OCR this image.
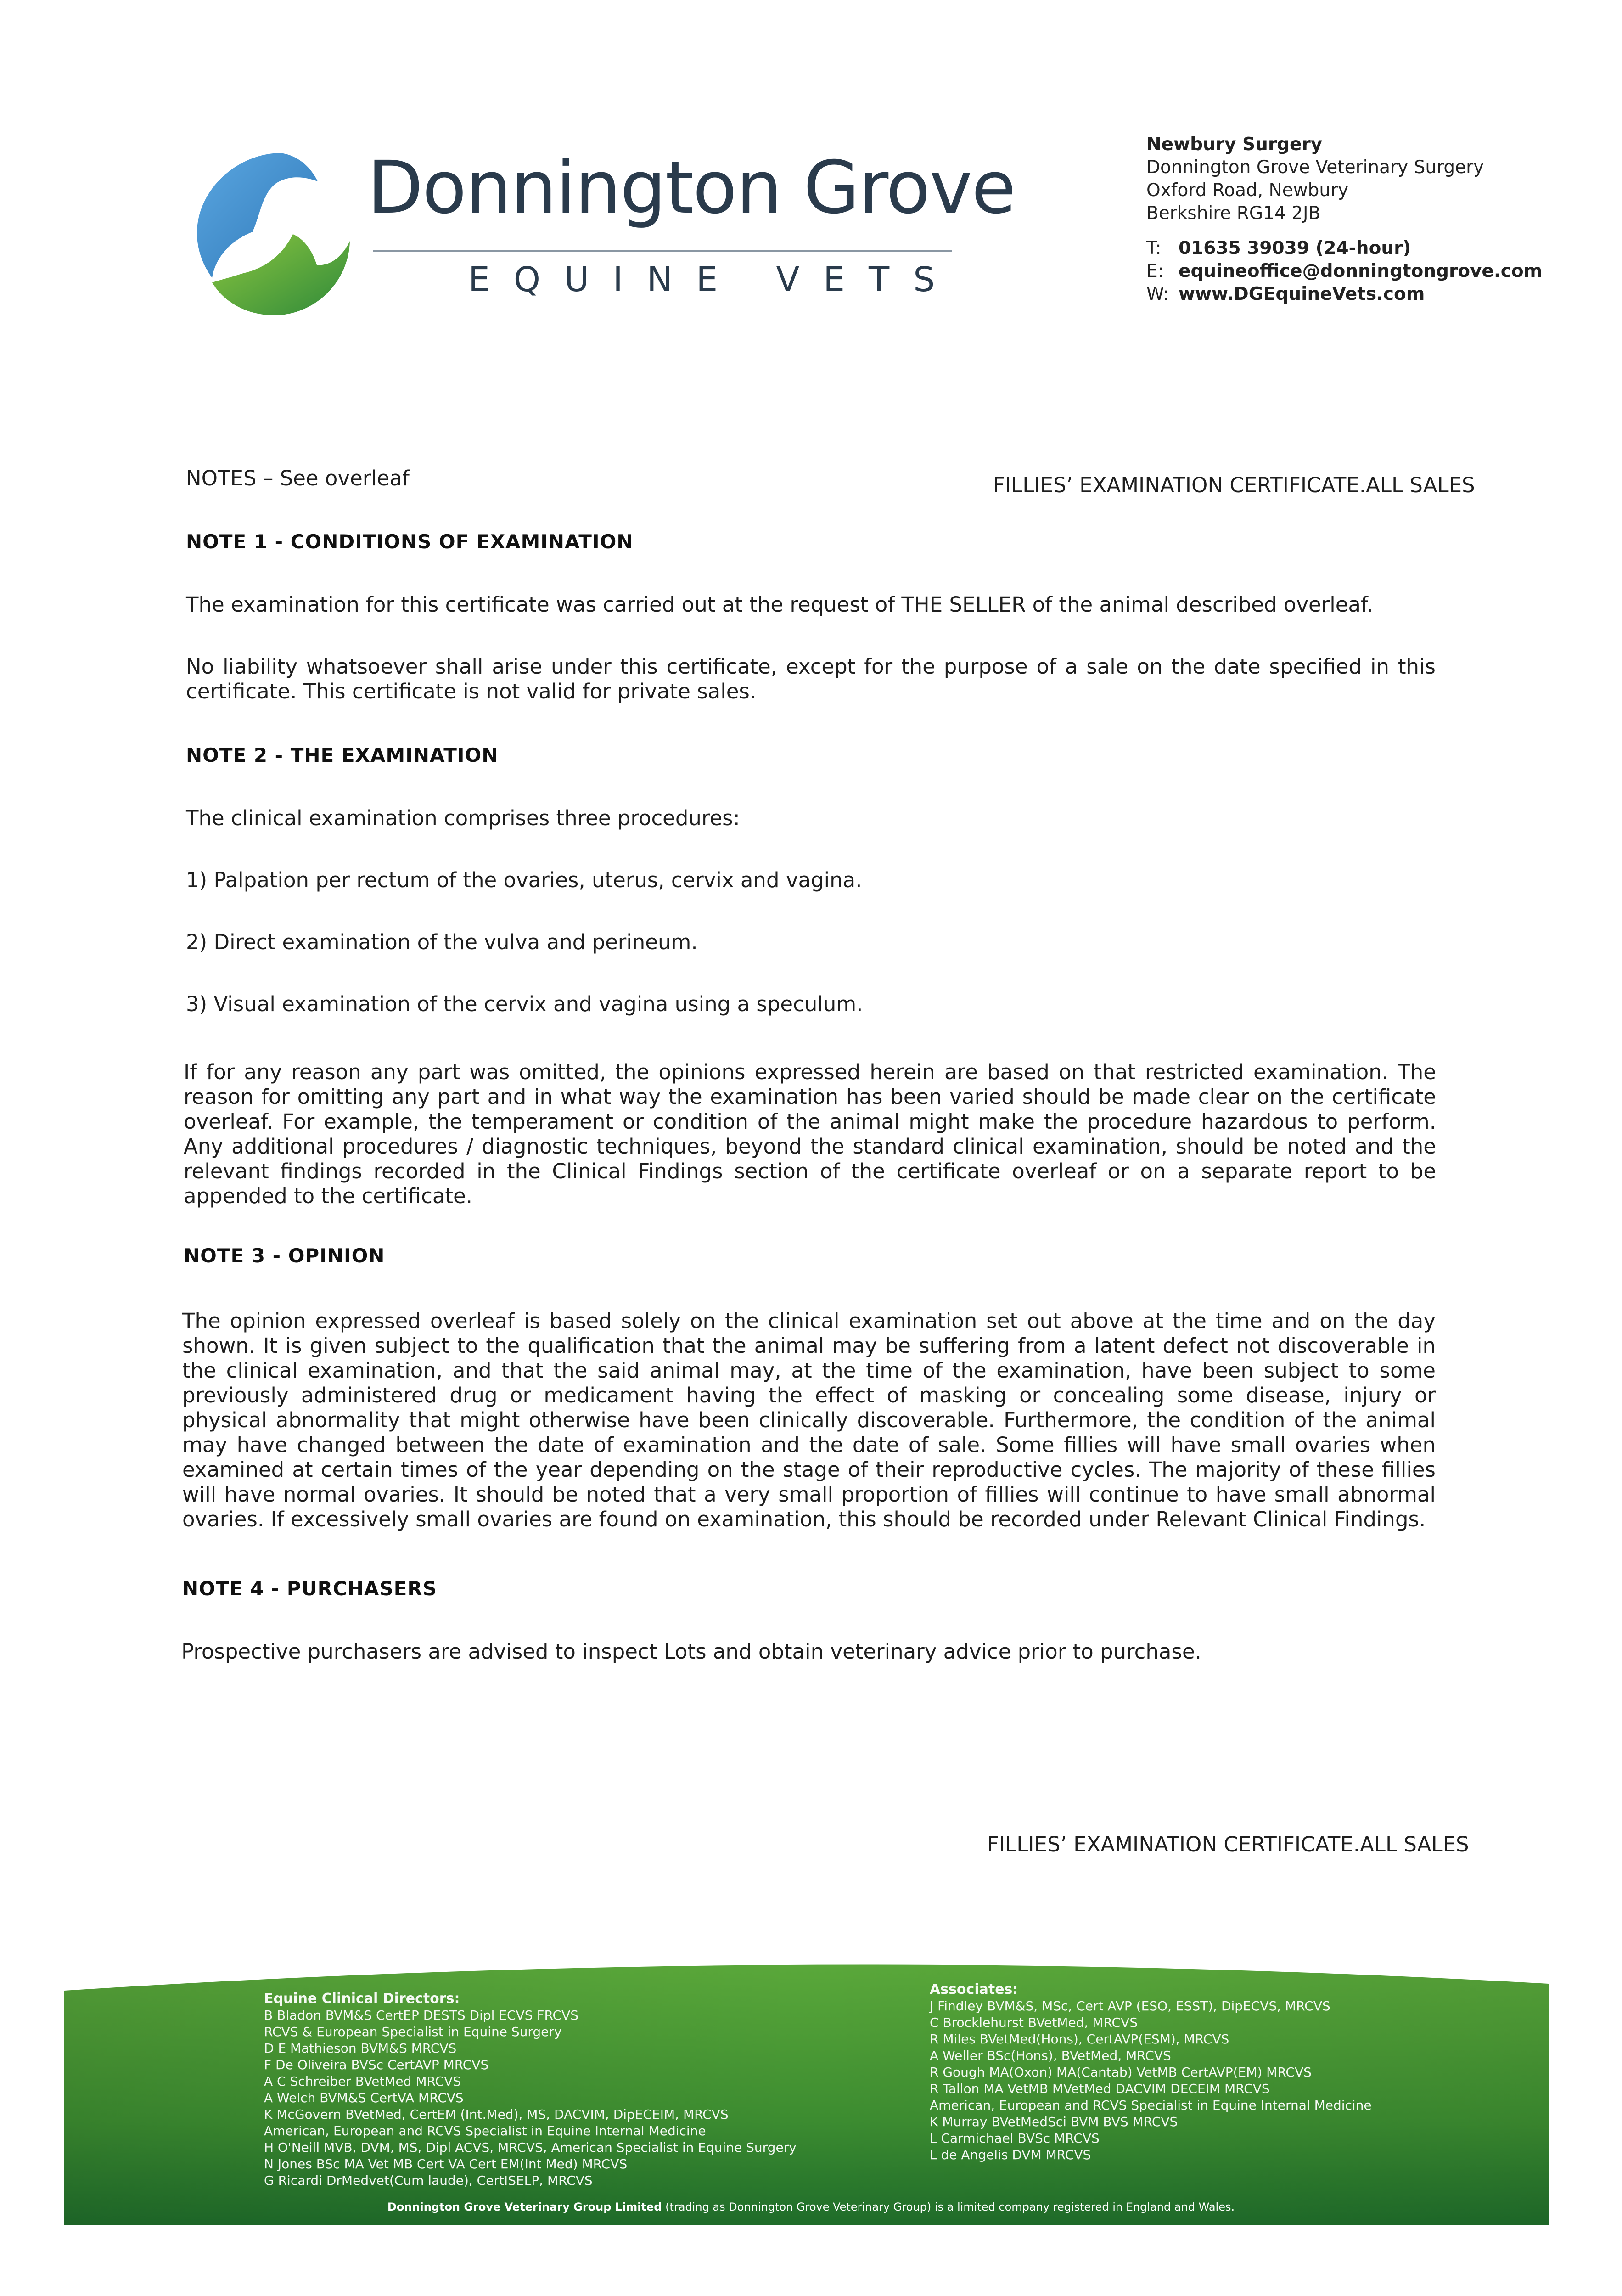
Donnington Grove
EQUINE VETS
Newbury Surgery
Donnington Grove Veterinary Surgery
Oxford Road, Newbury
Berkshire RG14 2JB
T: 01635 39039 (24-hour)
E: equineoffice@donningtongrove.com
W: www.DGEquineVets.com
NOTES – See overleaf	FILLIES’ EXAMINATION CERTIFICATE.ALL SALES
NOTE 1 - CONDITIONS OF EXAMINATION
The examination for this certificate was carried out at the request of THE SELLER of the animal described overleaf.
No liability whatsoever shall arise under this certificate, except for the purpose of a sale on the date specified in this certificate. This certificate is not valid for private sales.
NOTE 2 - THE EXAMINATION
The clinical examination comprises three procedures:
1) Palpation per rectum of the ovaries, uterus, cervix and vagina.
2) Direct examination of the vulva and perineum.
3) Visual examination of the cervix and vagina using a speculum.
If for any reason any part was omitted, the opinions expressed herein are based on that restricted examination. The reason for omitting any part and in what way the examination has been varied should be made clear on the certificate overleaf. For example, the temperament or condition of the animal might make the procedure hazardous to perform. Any additional procedures / diagnostic techniques, beyond the standard clinical examination, should be noted and the relevant findings recorded in the Clinical Findings section of the certificate overleaf or on a separate report to be appended to the certificate.
NOTE 3 - OPINION
The opinion expressed overleaf is based solely on the clinical examination set out above at the time and on the day shown. It is given subject to the qualification that the animal may be suffering from a latent defect not discoverable in the clinical examination, and that the said animal may, at the time of the examination, have been subject to some previously administered drug or medicament having the effect of masking or concealing some disease, injury or physical abnormality that might otherwise have been clinically discoverable. Furthermore, the condition of the animal may have changed between the date of examination and the date of sale. Some fillies will have small ovaries when examined at certain times of the year depending on the stage of their reproductive cycles. The majority of these fillies will have normal ovaries. It should be noted that a very small proportion of fillies will continue to have small abnormal ovaries. If excessively small ovaries are found on examination, this should be recorded under Relevant Clinical Findings.
NOTE 4 - PURCHASERS
Prospective purchasers are advised to inspect Lots and obtain veterinary advice prior to purchase.
FILLIES’ EXAMINATION CERTIFICATE.ALL SALES
Equine Clinical Directors:
B Bladon BVM&S CertEP DESTS Dipl ECVS FRCVS
RCVS & European Specialist in Equine Surgery
D E Mathieson BVM&S MRCVS
F De Oliveira BVSc CertAVP MRCVS
A C Schreiber BVetMed MRCVS
A Welch BVM&S CertVA MRCVS
K McGovern BVetMed, CertEM (Int.Med), MS, DACVIM, DipECEIM, MRCVS
American, European and RCVS Specialist in Equine Internal Medicine
H O'Neill MVB, DVM, MS, Dipl ACVS, MRCVS, American Specialist in Equine Surgery
N Jones BSc MA Vet MB Cert VA Cert EM(Int Med) MRCVS
G Ricardi DrMedvet(Cum laude), CertISELP, MRCVS
Associates:
J Findley BVM&S, MSc, Cert AVP (ESO, ESST), DipECVS, MRCVS
C Brocklehurst BVetMed, MRCVS
R Miles BVetMed(Hons), CertAVP(ESM), MRCVS
A Weller BSc(Hons), BVetMed, MRCVS
R Gough MA(Oxon) MA(Cantab) VetMB CertAVP(EM) MRCVS
R Tallon MA VetMB MVetMed DACVIM DECEIM MRCVS
American, European and RCVS Specialist in Equine Internal Medicine
K Murray BVetMedSci BVM BVS MRCVS
L Carmichael BVSc MRCVS
L de Angelis DVM MRCVS
Donnington Grove Veterinary Group Limited (trading as Donnington Grove Veterinary Group) is a limited company registered in England and Wales.
